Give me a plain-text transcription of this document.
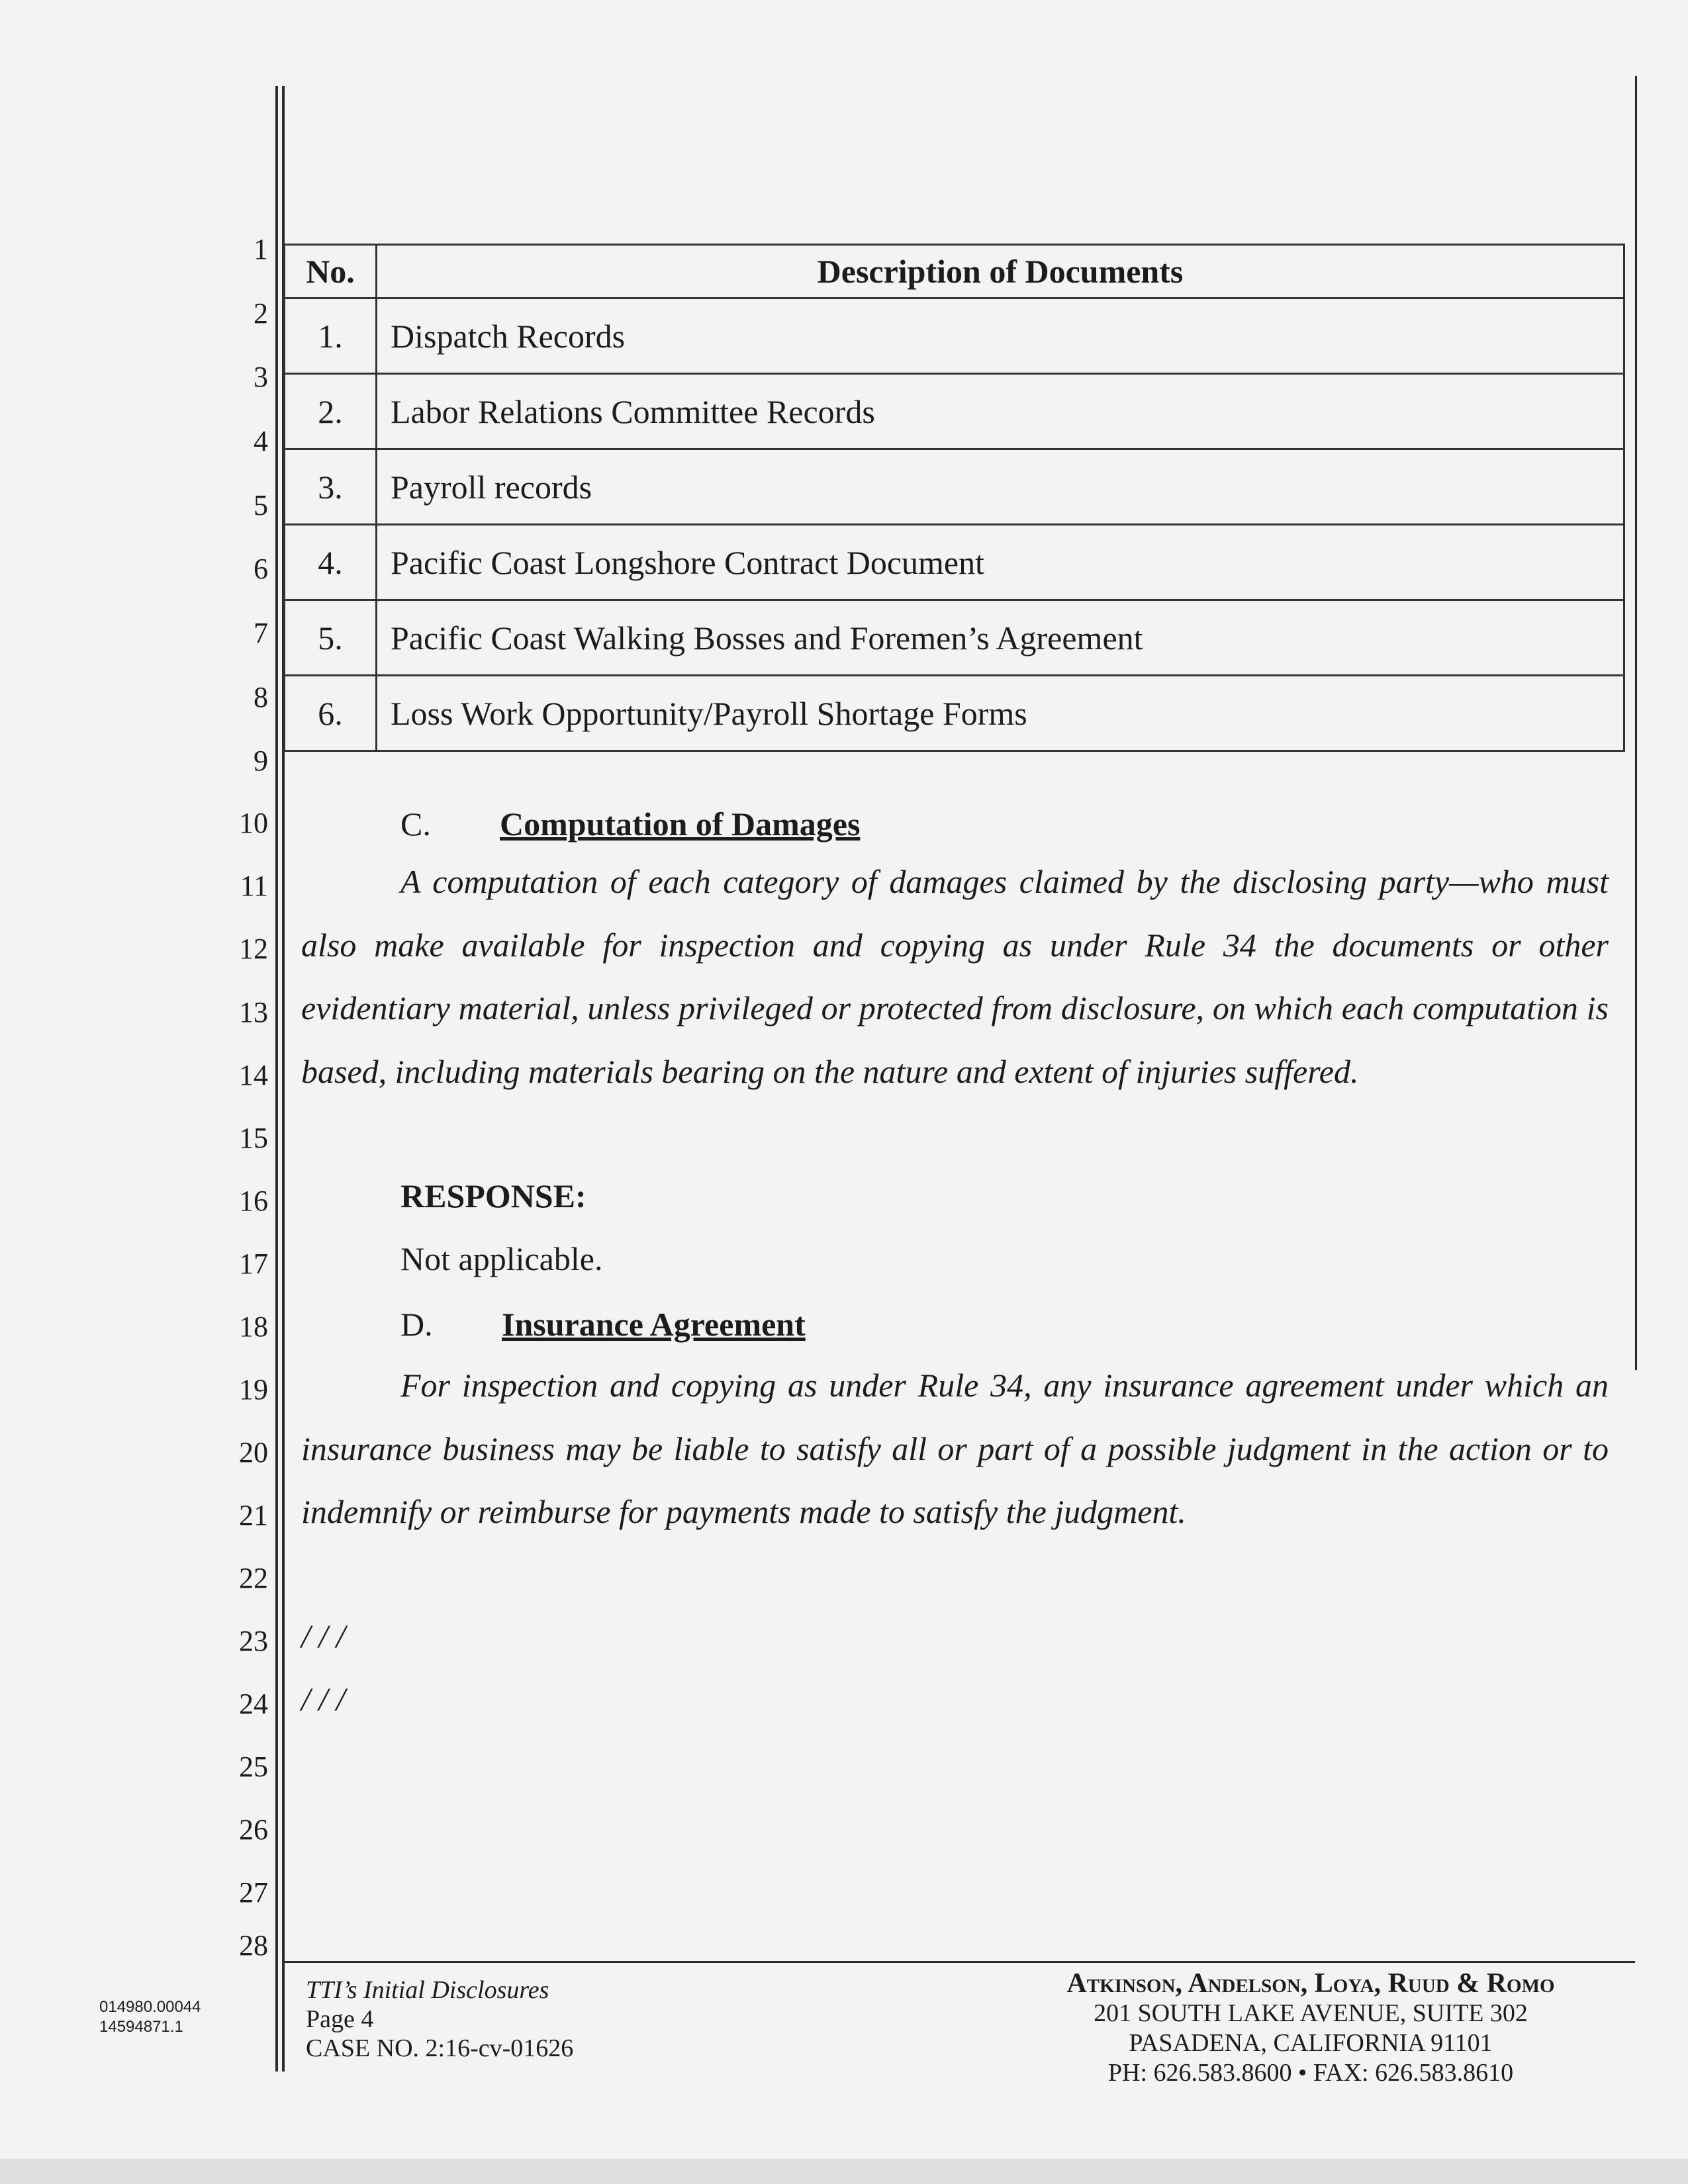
1
2
3
4
5
6
7
8
9
10
11
12
13
14
15
16
17
18
19
20
21
22
23
24
25
26
27
28
No.	Description of Documents
1.	Dispatch Records
2.	Labor Relations Committee Records
3.	Payroll records
4.	Pacific Coast Longshore Contract Document
5.	Pacific Coast Walking Bosses and Foremen’s Agreement
6.	Loss Work Opportunity/Payroll Shortage Forms
C. Computation of Damages
A computation of each category of damages claimed by the disclosing party—who must also make available for inspection and copying as under Rule 34 the documents or other evidentiary material, unless privileged or protected from disclosure, on which each computation is based, including materials bearing on the nature and extent of injuries suffered.
RESPONSE:
Not applicable.
D. Insurance Agreement
For inspection and copying as under Rule 34, any insurance agreement under which an insurance business may be liable to satisfy all or part of a possible judgment in the action or to indemnify or reimburse for payments made to satisfy the judgment.
/ / /
/ / /
TTI’s Initial Disclosures
Page 4
CASE NO. 2:16-cv-01626
Atkinson, Andelson, Loya, Ruud & Romo
201 SOUTH LAKE AVENUE, SUITE 302
PASADENA, CALIFORNIA 91101
PH: 626.583.8600 • FAX: 626.583.8610
014980.00044
14594871.1
